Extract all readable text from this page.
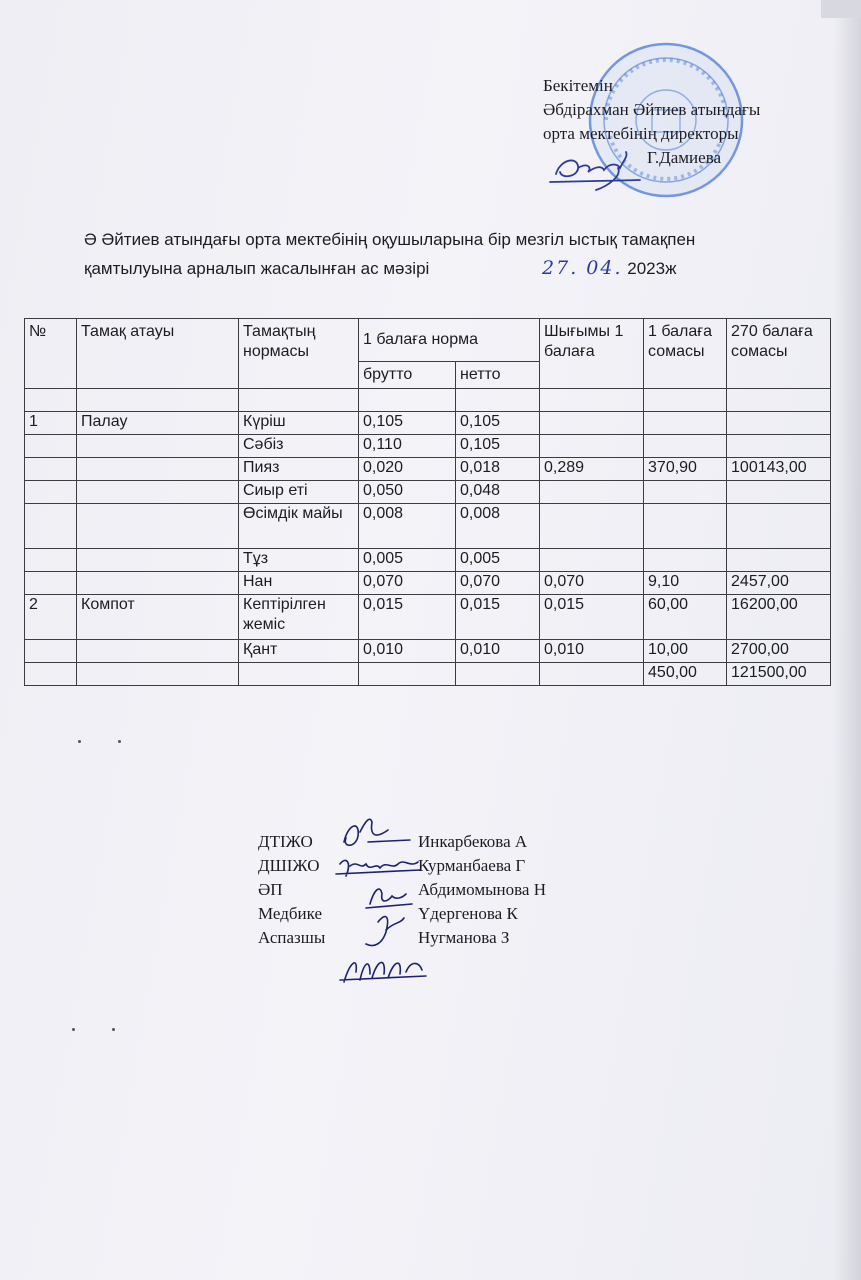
Бекітемін
Әбдірахман Әйтиев атындағы
орта мектебінің директоры
Г.Дамиева
Ә Әйтиев атындағы орта мектебінің оқушыларына бір мезгіл ыстық тамақпен
қамтылуына арналып жасалынған ас мәзірі	27. 04. 2023ж
№	Тамақ атауы	Тамақтың нормасы	1 балаға норма		Шығымы 1 балаға	1 балаға сомасы	270 балаға сомасы
			брутто	нетто			

1	Палау	Күріш	0,105	0,105			
		Сәбіз	0,110	0,105			
		Пияз	0,020	0,018	0,289	370,90	100143,00
		Сиыр еті	0,050	0,048			
		Өсімдік майы	0,008	0,008			
		Тұз	0,005	0,005			
		Нан	0,070	0,070	0,070	9,10	2457,00
2	Компот	Кептірілген жеміс	0,015	0,015	0,015	60,00	16200,00
		Қант	0,010	0,010	0,010	10,00	2700,00
						450,00	121500,00
ДТІЖО	Инкарбекова А
ДШІЖО	Курманбаева Г
ӘП	Абдимомынова Н
Медбике	Үдергенова К
Аспазшы	Нугманова З
